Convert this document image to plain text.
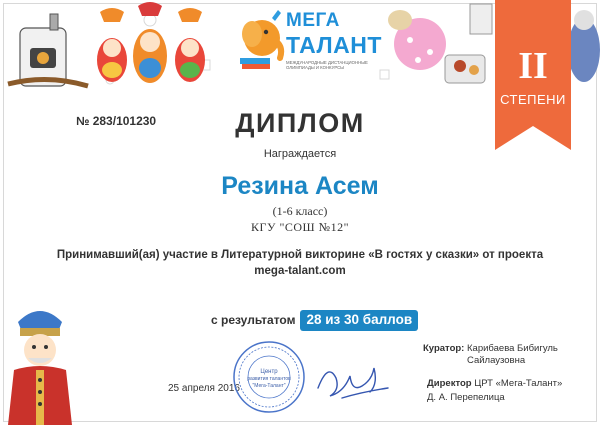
МЕГА
ТАЛАНТ
МЕЖДУНАРОДНЫЕ ДИСТАНЦИОННЫЕ ОЛИМПИАДЫ И КОНКУРСЫ	II
СТЕПЕНИ
№ 283/101230	ДИПЛОМ
Награждается
Резина Асем
(1-6 класс)
КГУ "СОШ №12"
Принимавший(ая) участие в Литературной викторине «В гостях у сказки» от проекта
mega-talant.com
с результатом 28 из 30 баллов
25 апреля 2016
Центр
развития талантов
"Мега-Талант"
Куратор: Карибаева Бибигуль Сайлаузовна
Директор ЦРТ «Мега-Талант»
Д. А. Перепелица
